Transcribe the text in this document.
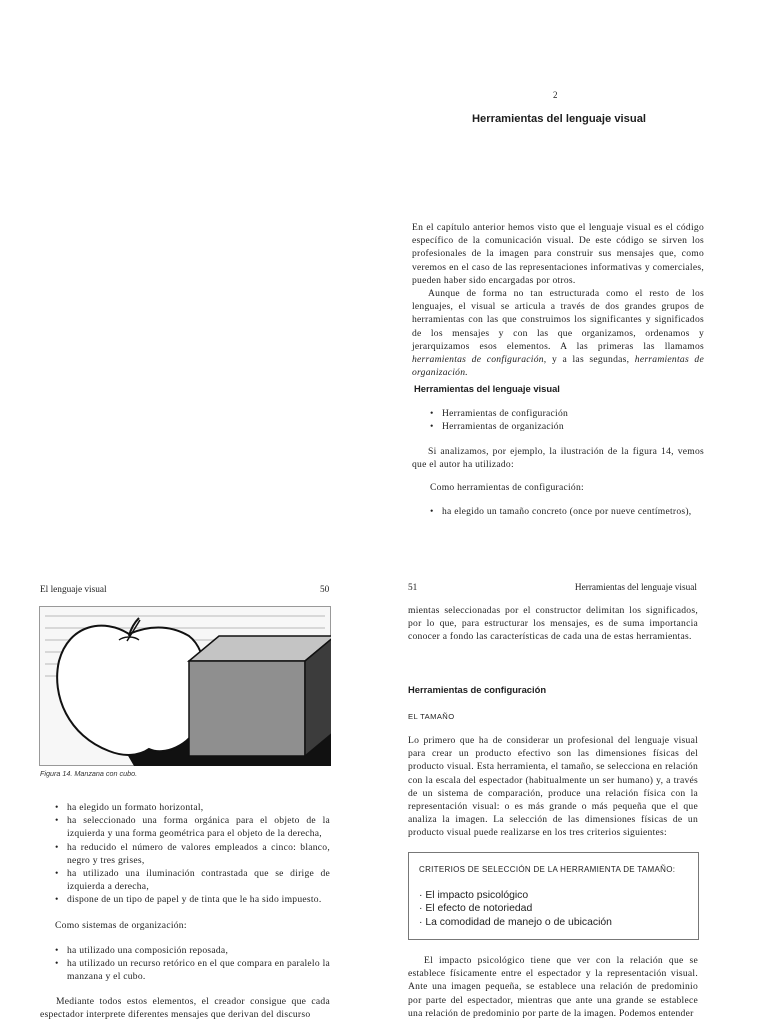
2
Herramientas del lenguaje visual

En el capítulo anterior hemos visto que el lenguaje visual es el código específico de la comunicación visual. De este código se sirven los profesionales de la imagen para construir sus mensajes que, como veremos en el caso de las representaciones informativas y comerciales, pueden haber sido encargadas por otros.

Aunque de forma no tan estructurada como el resto de los lenguajes, el visual se articula a través de dos grandes grupos de herramientas con las que construimos los significantes y significados de los mensajes y con las que organizamos, ordenamos y jerarquizamos esos elementos. A las primeras las llamamos herramientas de configuración, y a las segundas, herramientas de organización.

Herramientas del lenguaje visual
• Herramientas de configuración
• Herramientas de organización
Si analizamos, por ejemplo, la ilustración de la figura 14, vemos que el autor ha utilizado:
Como herramientas de configuración:
• ha elegido un tamaño concreto (once por nueve centímetros),
El lenguaje visual	50
Figura 14. Manzana con cubo.
• ha elegido un formato horizontal,
• ha seleccionado una forma orgánica para el objeto de la izquierda y una forma geométrica para el objeto de la derecha,
• ha reducido el número de valores empleados a cinco: blanco, negro y tres grises,
• ha utilizado una iluminación contrastada que se dirige de izquierda a derecha,
• dispone de un tipo de papel y de tinta que le ha sido impuesto.
Como sistemas de organización:
• ha utilizado una composición reposada,
• ha utilizado un recurso retórico en el que compara en paralelo la manzana y el cubo.
Mediante todos estos elementos, el creador consigue que cada espectador interprete diferentes mensajes que derivan del discurso
51	Herramientas del lenguaje visual
mientas seleccionadas por el constructor delimitan los significados, por lo que, para estructurar los mensajes, es de suma importancia conocer a fondo las características de cada una de estas herramientas.
Herramientas de configuración
EL TAMAÑO
Lo primero que ha de considerar un profesional del lenguaje visual para crear un producto efectivo son las dimensiones físicas del producto visual. Esta herramienta, el tamaño, se selecciona en relación con la escala del espectador (habitualmente un ser humano) y, a través de un sistema de comparación, produce una relación física con la representación visual: o es más grande o más pequeña que el que analiza la imagen. La selección de las dimensiones físicas de un producto visual puede realizarse en los tres criterios siguientes:
CRITERIOS DE SELECCIÓN DE LA HERRAMIENTA DE TAMAÑO:
· El impacto psicológico
· El efecto de notoriedad
· La comodidad de manejo o de ubicación
El impacto psicológico tiene que ver con la relación que se establece físicamente entre el espectador y la representación visual. Ante una imagen pequeña, se establece una relación de predominio por parte del espectador, mientras que ante una grande se establece una relación de predominio por parte de la imagen. Podemos entender
